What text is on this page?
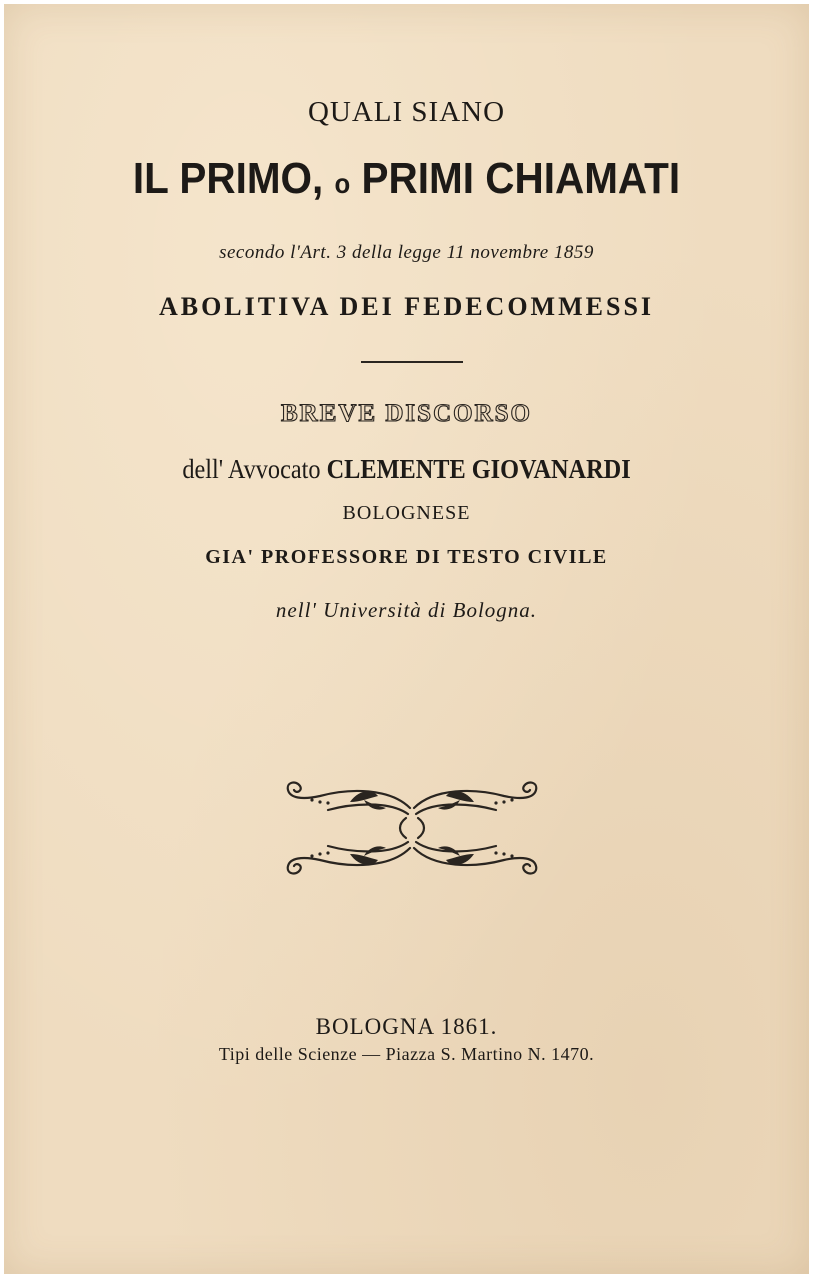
QUALI SIANO
IL PRIMO, o PRIMI CHIAMATI
secondo l'Art. 3 della legge 11 novembre 1859
ABOLITIVA DEI FEDECOMMESSI
BREVE DISCORSO
dell' Avvocato CLEMENTE GIOVANARDI
BOLOGNESE
GIA' PROFESSORE DI TESTO CIVILE
nell' Università di Bologna.
BOLOGNA 1861.
Tipi delle Scienze — Piazza S. Martino N. 1470.
